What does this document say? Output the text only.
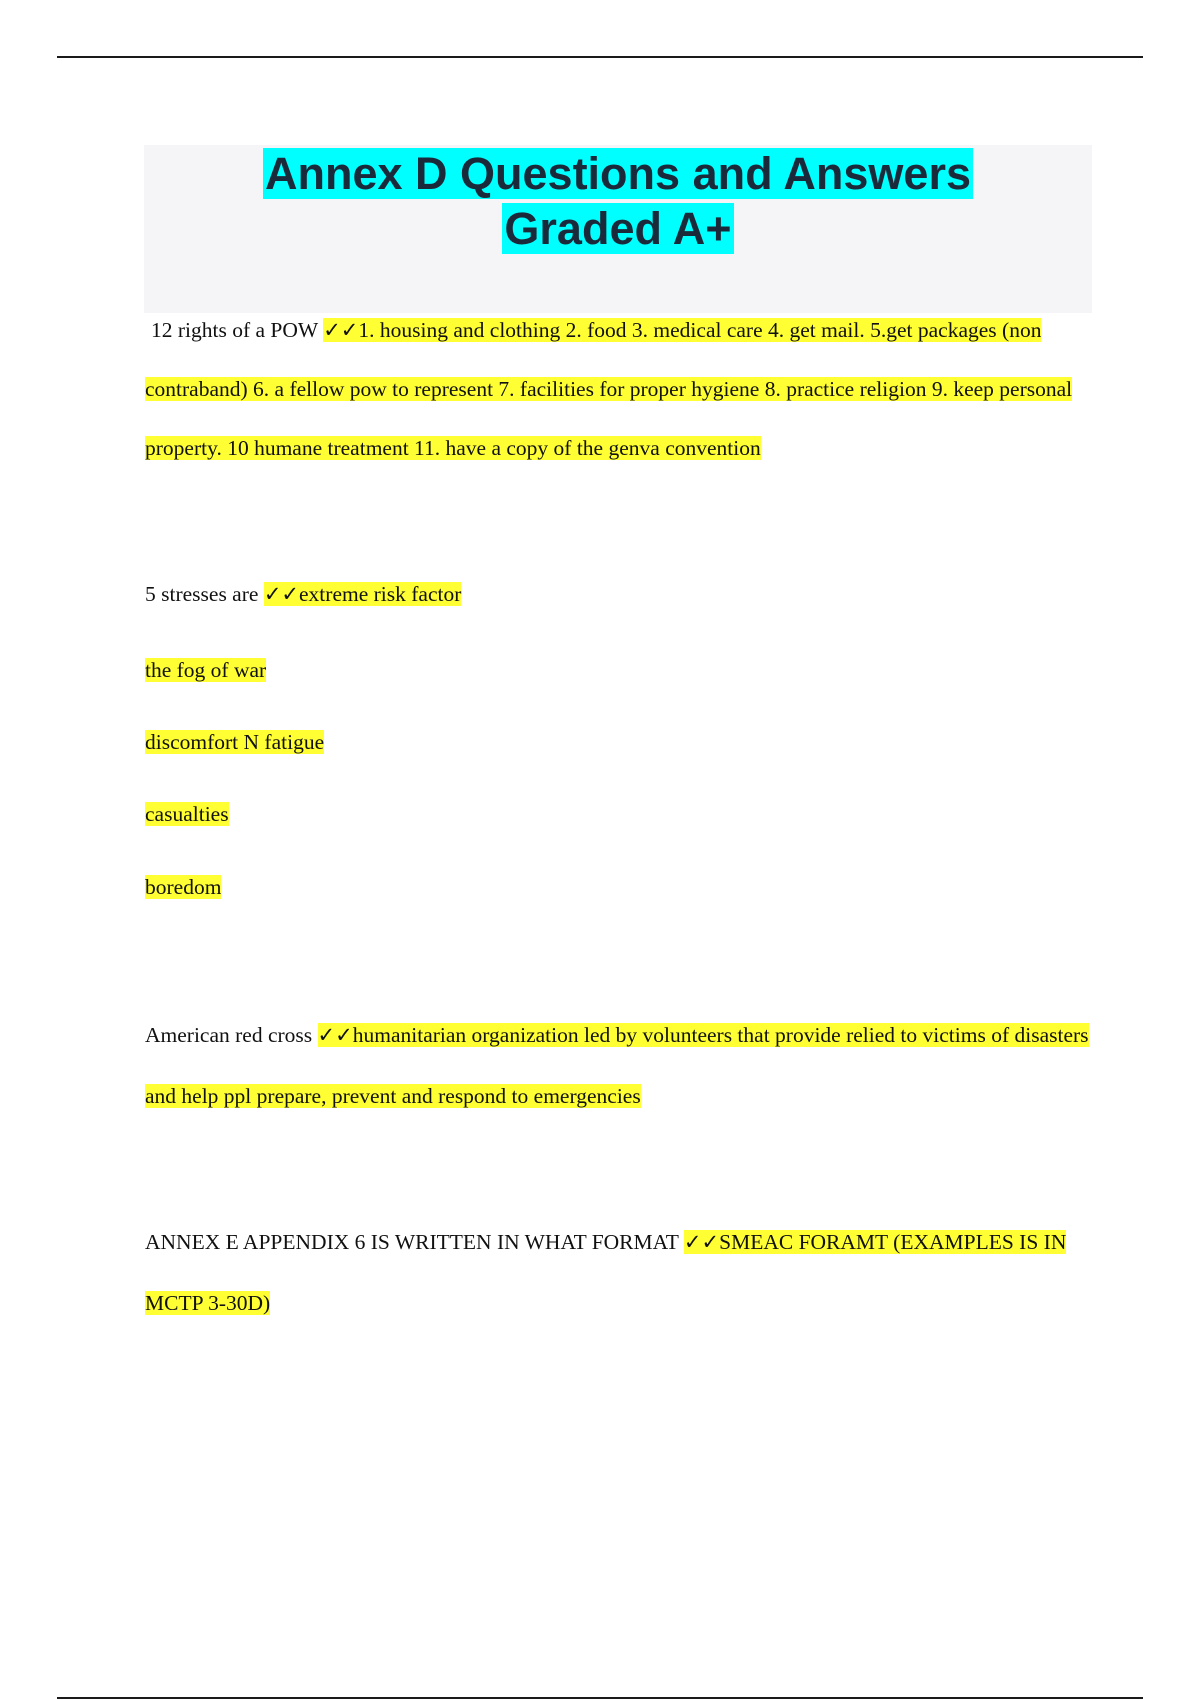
Annex D Questions and Answers
Graded A+

12 rights of a POW ✓✓1. housing and clothing 2. food 3. medical care 4. get mail. 5.get packages (non contraband) 6. a fellow pow to represent 7. facilities for proper hygiene 8. practice religion 9. keep personal property. 10 humane treatment 11. have a copy of the genva convention

5 stresses are ✓✓extreme risk factor

the fog of war

discomfort N fatigue

casualties

boredom

American red cross ✓✓humanitarian organization led by volunteers that provide relied to victims of disasters and help ppl prepare, prevent and respond to emergencies

ANNEX E APPENDIX 6 IS WRITTEN IN WHAT FORMAT ✓✓SMEAC FORAMT (EXAMPLES IS IN MCTP 3-30D)
